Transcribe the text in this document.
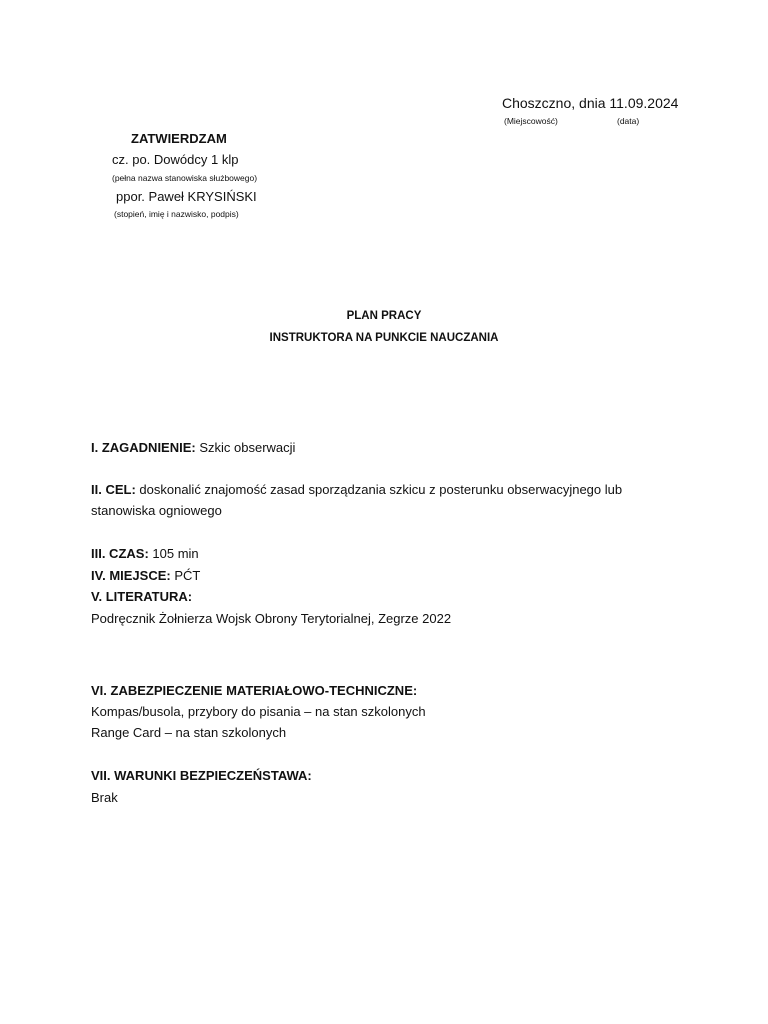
Choszczno, dnia 11.09.2024
(Miejscowość)	(data)
ZATWIERDZAM
cz. po. Dowódcy 1 klp
(pełna nazwa stanowiska służbowego)
ppor. Paweł KRYSIŃSKI
(stopień, imię i nazwisko, podpis)
PLAN PRACY
INSTRUKTORA NA PUNKCIE NAUCZANIA
I. ZAGADNIENIE: Szkic obserwacji
II. CEL: doskonalić znajomość zasad sporządzania szkicu z posterunku obserwacyjnego lub
stanowiska ogniowego
III. CZAS: 105 min
IV. MIEJSCE: PĆT
V. LITERATURA:
Podręcznik Żołnierza Wojsk Obrony Terytorialnej, Zegrze 2022
VI. ZABEZPIECZENIE MATERIAŁOWO-TECHNICZNE:
Kompas/busola, przybory do pisania – na stan szkolonych
Range Card – na stan szkolonych
VII. WARUNKI BEZPIECZEŃSTAWA:
Brak
